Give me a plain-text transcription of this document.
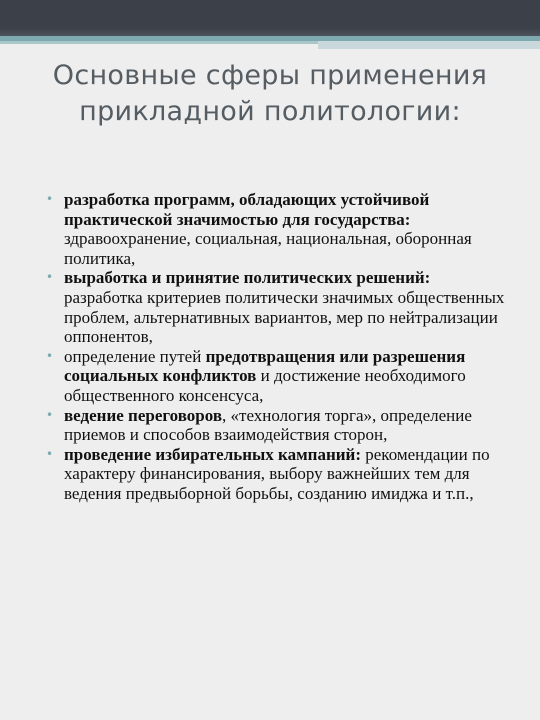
Основные сферы применения
прикладной политологии:
• разработка программ, обладающих устойчивой практической значимостью для государства: здравоохранение, социальная, национальная, оборонная политика,
• выработка и принятие политических решений: разработка критериев политически значимых общественных проблем, альтернативных вариантов, мер по нейтрализации оппонентов,
• определение путей предотвращения или разрешения социальных конфликтов и достижение необходимого общественного консенсуса,
• ведение переговоров, «технология торга», определение приемов и способов взаимодействия сторон,
• проведение избирательных кампаний: рекомендации по характеру финансирования, выбору важнейших тем для ведения предвыборной борьбы, созданию имиджа и т.п.,
